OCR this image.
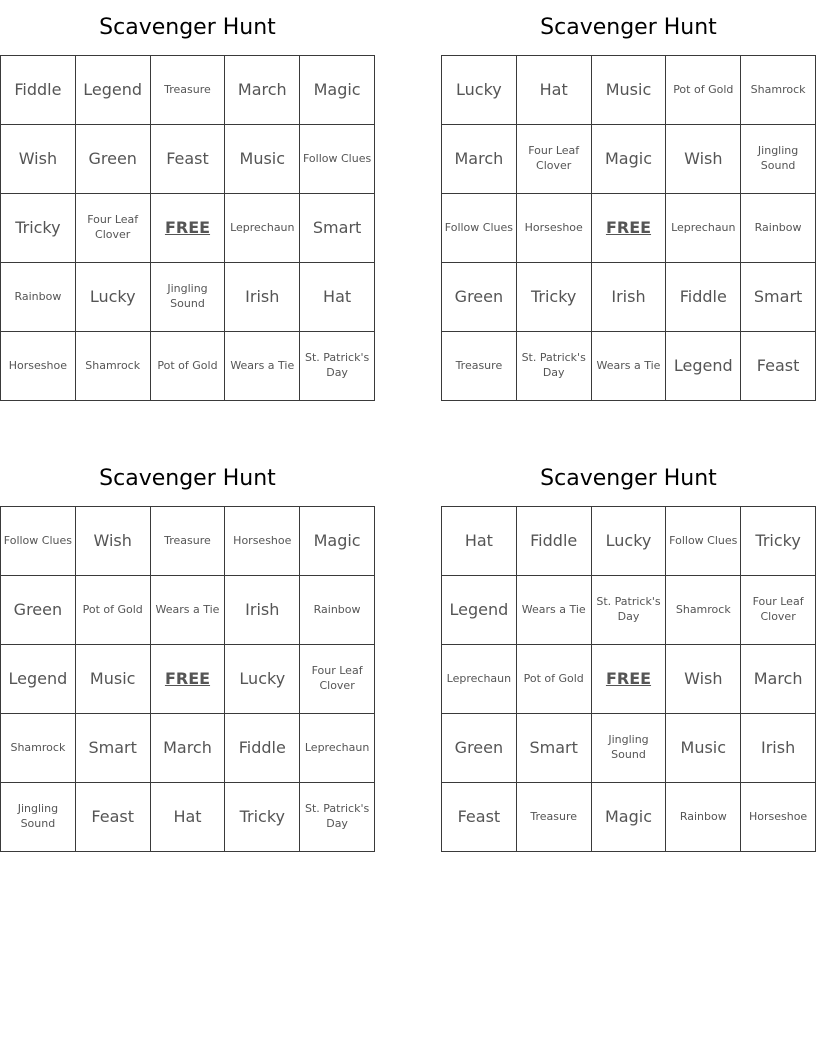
Scavenger Hunt
Fiddle	Legend	Treasure	March	Magic
Wish	Green	Feast	Music	Follow Clues
Tricky	Four Leaf Clover	FREE	Leprechaun	Smart
Rainbow	Lucky	Jingling Sound	Irish	Hat
Horseshoe	Shamrock	Pot of Gold	Wears a Tie	St. Patrick's Day
Scavenger Hunt
Lucky	Hat	Music	Pot of Gold	Shamrock
March	Four Leaf Clover	Magic	Wish	Jingling Sound
Follow Clues	Horseshoe	FREE	Leprechaun	Rainbow
Green	Tricky	Irish	Fiddle	Smart
Treasure	St. Patrick's Day	Wears a Tie	Legend	Feast
Scavenger Hunt
Follow Clues	Wish	Treasure	Horseshoe	Magic
Green	Pot of Gold	Wears a Tie	Irish	Rainbow
Legend	Music	FREE	Lucky	Four Leaf Clover
Shamrock	Smart	March	Fiddle	Leprechaun
Jingling Sound	Feast	Hat	Tricky	St. Patrick's Day
Scavenger Hunt
Hat	Fiddle	Lucky	Follow Clues	Tricky
Legend	Wears a Tie	St. Patrick's Day	Shamrock	Four Leaf Clover
Leprechaun	Pot of Gold	FREE	Wish	March
Green	Smart	Jingling Sound	Music	Irish
Feast	Treasure	Magic	Rainbow	Horseshoe
